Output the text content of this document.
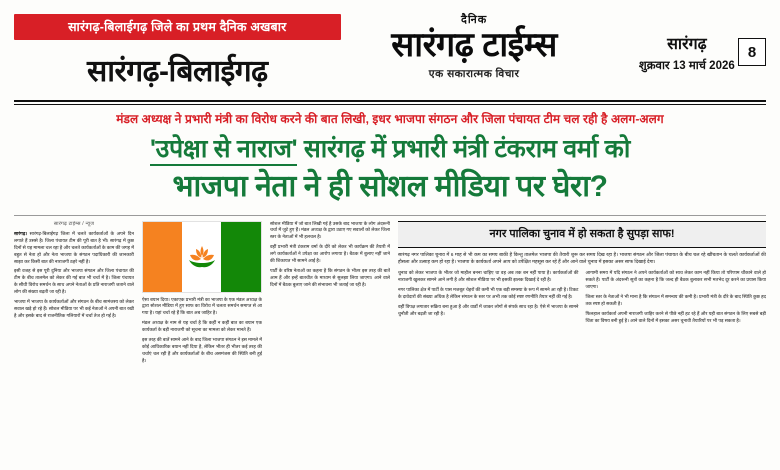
सारंगढ़-बिलाईगढ़ जिले का प्रथम दैनिक अखबार
सारंगढ़-बिलाईगढ़
दैनिक
सारंगढ़ टाईम्स
एक सकारात्मक विचार
सारंगढ़
शुक्रवार 13 मार्च 2026
8
मंडल अध्यक्ष ने प्रभारी मंत्री का विरोध करने की बात लिखी, इधर भाजपा संगठन और जिला पंचायत टीम चल रही है अलग-अलग
'उपेक्षा से नाराज' सारंगढ़ में प्रभारी मंत्री टंकराम वर्मा को
भाजपा नेता ने ही सोशल मीडिया पर घेरा?
सारंगढ़ टाईम्स / न्यूज

सारंगढ़। सारंगढ़-बिलाईगढ़ जिला में चलते कार्यकर्ताओं के अपने दिन लगाते हैं उससे है। जिला पंचायत टीम की पूरी बात है भी। सारंगढ़ में कुछ दिनों से यह मामला चल रहा है और चलते कार्यकर्ताओं के काम की जगह में बहुत से नेता हो और नेता भाजपा के संगठन पदाधिकारी की जानकारी साझा कर किसी बात की नाराजगी ठहरे नहीं है।

इसी वजह से इस पूरी दुनिया और भाजपा संगठन और जिला पंचायत की टीम के बीच तालमेल को लेकर की गई बात भी चर्चा में है। जिला पंचायत के सीधी विरोध समर्थन के साथ अपने नेताओं के प्रति नाराजगी जताने वाले लोग की संख्या बढ़ती जा रही है।

भाजपा में भाजपा के कार्यकर्ताओं और संगठन के बीच सामंजस्य को लेकर सवाल खड़े हो रहे हैं। सोशल मीडिया पर भी कई नेताओं ने अपनी बात रखी है और इसके बाद से राजनीतिक गलियारों में चर्चा तेज हो गई है।

ऐसा बयान दिया। एकाएक प्रभारी मंत्री का भाजपा के एक मंडल अध्यक्ष के द्वारा सोशल मीडिया में हुए साफ का विरोध में चलता समर्थन समाप्त से आ गया है। यहां चर्चा रहे हैं कि बात अब जाहिर है।

मंडल अध्यक्ष के नाम से यह चर्चा है कि कहीं न कहीं बात का बयान एक कार्यकर्ता के बड़ी नाराजगी को सूचना का मामला को लेकर मानते हैं।

इस तरह की बातें सामने आने के बाद जिला भाजपा संगठन ने इस मामले में कोई आधिकारिक बयान नहीं दिया है, लेकिन भीतर ही भीतर कई तरह की चर्चाएं चल रही हैं और कार्यकर्ताओं के बीच असमंजस की स्थिति बनी हुई है।

सोशल मीडिया में जो बात लिखी गई है उसके बाद भाजपा के लोग अंदरूनी चर्चा में जुटे हुए हैं। मंडल अध्यक्ष के द्वारा उठाए गए सवालों को लेकर जिला स्तर के नेताओं में भी हलचल है।

वहीं प्रभारी मंत्री टंकराम वर्मा के दौरे को लेकर भी कार्यक्रम की तैयारी में लगे कार्यकर्ताओं ने उपेक्षा का आरोप लगाया है। बैठक में बुलाए नहीं जाने की शिकायत भी सामने आई है।

पार्टी के वरिष्ठ नेताओं का कहना है कि संगठन के भीतर इस तरह की बातें आम हैं और इन्हें बातचीत के माध्यम से सुलझा लिया जाएगा। आने वाले दिनों में बैठक बुलाए जाने की संभावना भी जताई जा रही है।

नगर पालिका चुनाव में हो सकता है सुपड़ा साफ!

सारंगढ़ नगर पालिका चुनाव में 6 माह से भी कम का समय बाकी है किन्तु तालमेल भाजपा की तैयारी शुरू कर समय दिख रहा है। भाजपा संगठन और जिला पंचायत के बीच चल रहे खींचतान के चलते कार्यकर्ताओं की हौसला और उत्साह कम हो रहा है। भाजपा के कार्यकर्ता अपने आप को उपेक्षित महसूस कर रहे हैं और आने वाले चुनाव में इसका असर साफ दिखाई देगा।

चुनाव को लेकर भाजपा के भीतर जो माहौल बनना चाहिए था वह अब तक बन नहीं पाया है। कार्यकर्ताओं की नाराजगी खुलकर सामने आने लगी है और सोशल मीडिया पर भी इसकी झलक दिखाई दे रही है।

नगर पालिका क्षेत्र में पार्टी के पास मजबूत चेहरों की कमी भी एक बड़ी समस्या के रूप में सामने आ रही है। टिकट के दावेदारों की संख्या अधिक है लेकिन संगठन के स्तर पर अभी तक कोई स्पष्ट रणनीति तैयार नहीं की गई है।

वहीं विपक्ष लगातार सक्रिय बना हुआ है और वार्डों में जाकर लोगों से संपर्क साध रहा है। ऐसे में भाजपा के सामने चुनौती और बढ़ती जा रही है।

आगामी समय में यदि संगठन ने अपने कार्यकर्ताओं को साथ लेकर काम नहीं किया तो परिणाम चौंकाने वाले हो सकते हैं। पार्टी के अंदरूनी सूत्रों का कहना है कि जल्द ही बैठक बुलाकर सभी मतभेद दूर करने का प्रयास किया जाएगा।

जिला स्तर के नेताओं ने भी माना है कि संगठन में समन्वय की कमी है। प्रभारी मंत्री के दौरे के बाद स्थिति कुछ हद तक स्पष्ट हो सकती है।

फिलहाल कार्यकर्ता अपनी नाराजगी जाहिर करने से पीछे नहीं हट रहे हैं और यही बात संगठन के लिए सबसे बड़ी चिंता का विषय बनी हुई है। आने वाले दिनों में इसका असर चुनावी तैयारियों पर भी पड़ सकता है।
